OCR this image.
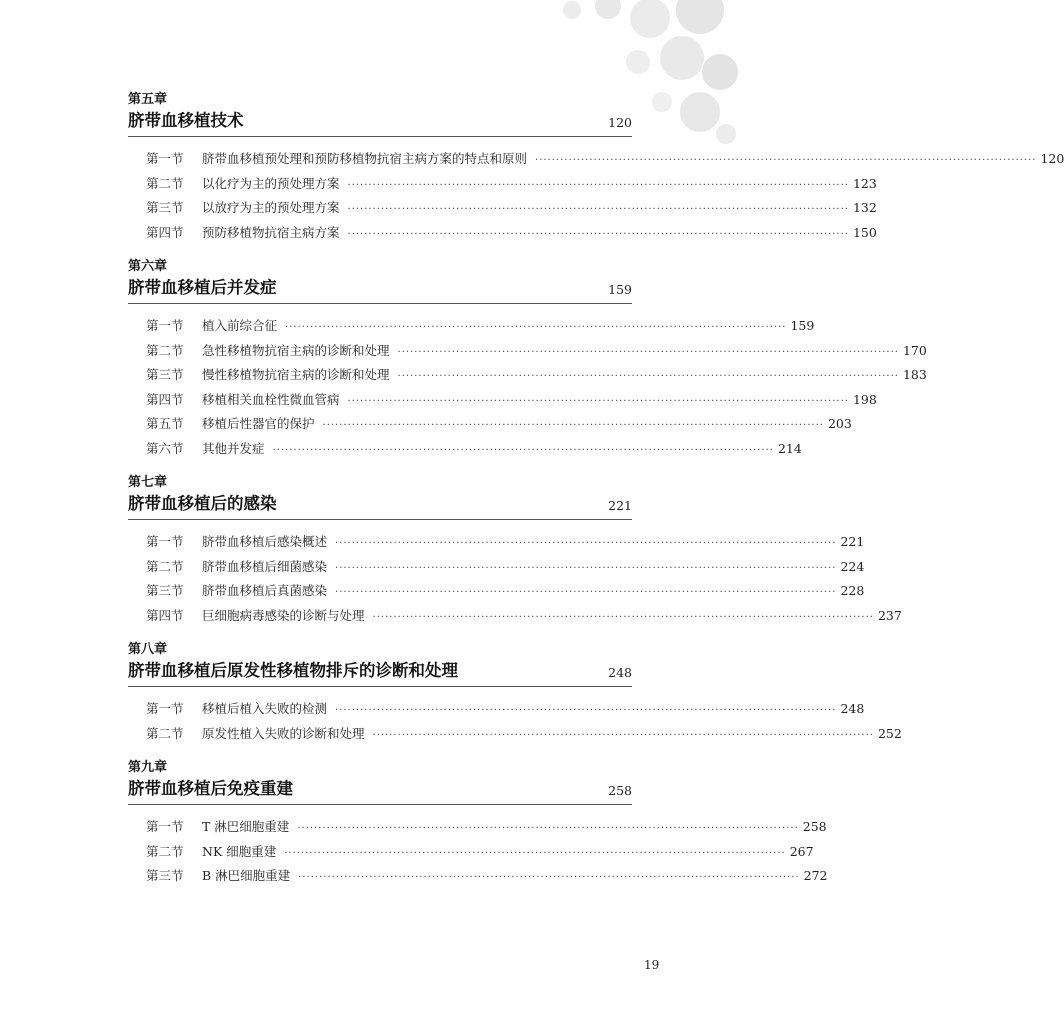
第五章
脐带血移植技术	120
第一节	脐带血移植预处理和预防移植物抗宿主病方案的特点和原则 ························································································································ 120
第二节	以化疗为主的预处理方案 ························································································································ 123
第三节	以放疗为主的预处理方案 ························································································································ 132
第四节	预防移植物抗宿主病方案 ························································································································ 150
第六章
脐带血移植后并发症	159
第一节	植入前综合征 ························································································································ 159
第二节	急性移植物抗宿主病的诊断和处理 ························································································································ 170
第三节	慢性移植物抗宿主病的诊断和处理 ························································································································ 183
第四节	移植相关血栓性微血管病 ························································································································ 198
第五节	移植后性器官的保护 ························································································································ 203
第六节	其他并发症 ························································································································ 214
第七章
脐带血移植后的感染	221
第一节	脐带血移植后感染概述 ························································································································ 221
第二节	脐带血移植后细菌感染 ························································································································ 224
第三节	脐带血移植后真菌感染 ························································································································ 228
第四节	巨细胞病毒感染的诊断与处理 ························································································································ 237
第八章
脐带血移植后原发性移植物排斥的诊断和处理	248
第一节	移植后植入失败的检测 ························································································································ 248
第二节	原发性植入失败的诊断和处理 ························································································································ 252
第九章
脐带血移植后免疫重建	258
第一节	T 淋巴细胞重建 ························································································································ 258
第二节	NK 细胞重建 ························································································································ 267
第三节	B 淋巴细胞重建 ························································································································ 272
19
